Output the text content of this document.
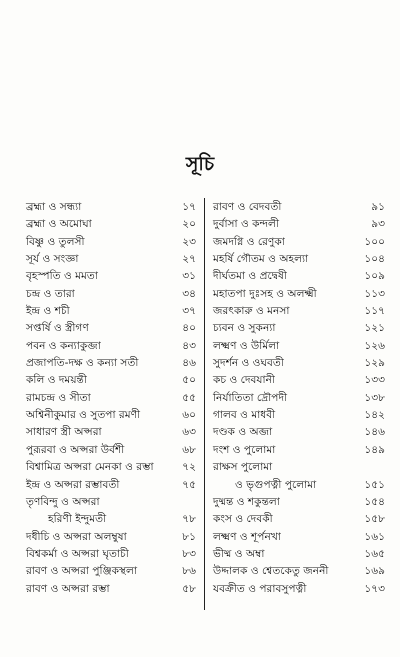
সূচি
ব্রহ্মা ও সন্ধ্যা	১৭
ব্রহ্মা ও অমোঘা	২০
বিষ্ণু ও তুলসী	২৩
সূর্য ও সংজ্ঞা	২৭
বৃহস্পতি ও মমতা	৩১
চন্দ্র ও তারা	৩৪
ইন্দ্র ও শচী	৩৭
সপ্তর্ষি ও স্ত্রীগণ	৪০
পবন ও কন্যাকুব্জা	৪৩
প্রজাপতি-দক্ষ ও কন্যা সতী	৪৬
কলি ও দময়ন্তী	৫০
রামচন্দ্র ও সীতা	৫৫
অশ্বিনীকুমার ও সুতপা রমণী	৬০
সাধারণ স্ত্রী অপ্সরা	৬৩
পুরূরবা ও অপ্সরা উর্বশী	৬৮
বিশ্বামিত্র অপ্সরা মেনকা ও রম্ভা	৭২
ইন্দ্র ও অপ্সরা রম্ভাবতী	৭৫
তৃণবিন্দু ও অপ্সরা
হরিণী ইন্দুমতী	৭৮
দধীচি ও অপ্সরা অলম্বুষা	৮১
বিশ্বকর্মা ও অপ্সরা ঘৃতাচী	৮৩
রাবণ ও অপ্সরা পুঞ্জিকস্থলা	৮৬
রাবণ ও অপ্সরা রম্ভা	৫৮
রাবণ ও বেদবতী	৯১
দুর্বাসা ও কন্দলী	৯৩
জমদগ্নি ও রেণুকা	১০০
মহর্ষি গৌতম ও অহল্যা	১০৪
দীর্ঘতমা ও প্রদ্বেষী	১০৯
মহাতপা দুঃসহ ও অলক্ষ্মী	১১৩
জরৎকারু ও মনসা	১১৭
চ্যবন ও সুকন্যা	১২১
লক্ষ্মণ ও উর্মিলা	১২৬
সুদর্শন ও ওঘবতী	১২৯
কচ ও দেবযানী	১৩৩
নির্যাতিতা দ্রৌপদী	১৩৮
গালব ও মাধবী	১৪২
দণ্ডক ও অব্জা	১৪৬
দংশ ও পুলোমা	১৪৯
রাক্ষস পুলোমা
ও ভৃগুপত্নী পুলোমা	১৫১
দুষ্মন্ত ও শকুন্তলা	১৫৪
কংস ও দেবকী	১৫৮
লক্ষ্মণ ও শূর্পনখা	১৬১
ভীষ্ম ও অম্বা	১৬৫
উদ্দালক ও শ্বেতকেতু জননী	১৬৯
যবক্রীত ও পরাবসুপত্নী	১৭৩
